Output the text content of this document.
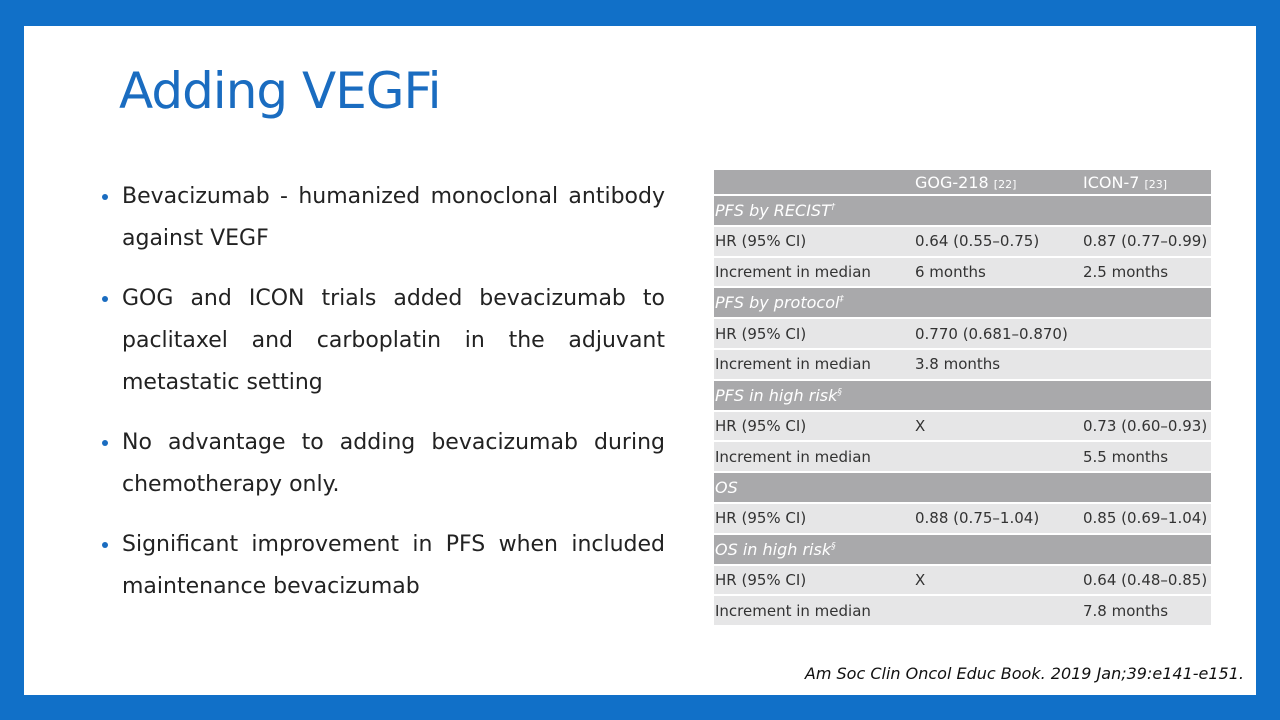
Adding VEGFi
Bevacizumab - humanized monoclonal antibody against VEGF
GOG and ICON trials added bevacizumab to paclitaxel and carboplatin in the adjuvant metastatic setting
No advantage to adding bevacizumab during chemotherapy only.
Significant improvement in PFS when included maintenance bevacizumab
	GOG-218 [22]	ICON-7 [23]
PFS by RECIST†
HR (95% CI)	0.64 (0.55–0.75)	0.87 (0.77–0.99)
Increment in median	6 months	2.5 months
PFS by protocol‡
HR (95% CI)	0.770 (0.681–0.870)	
Increment in median	3.8 months	
PFS in high risk§
HR (95% CI)	X	0.73 (0.60–0.93)
Increment in median		5.5 months
OS		
HR (95% CI)	0.88 (0.75–1.04)	0.85 (0.69–1.04)
OS in high risk§
HR (95% CI)	X	0.64 (0.48–0.85)
Increment in median		7.8 months
Am Soc Clin Oncol Educ Book. 2019 Jan;39:e141-e151.
